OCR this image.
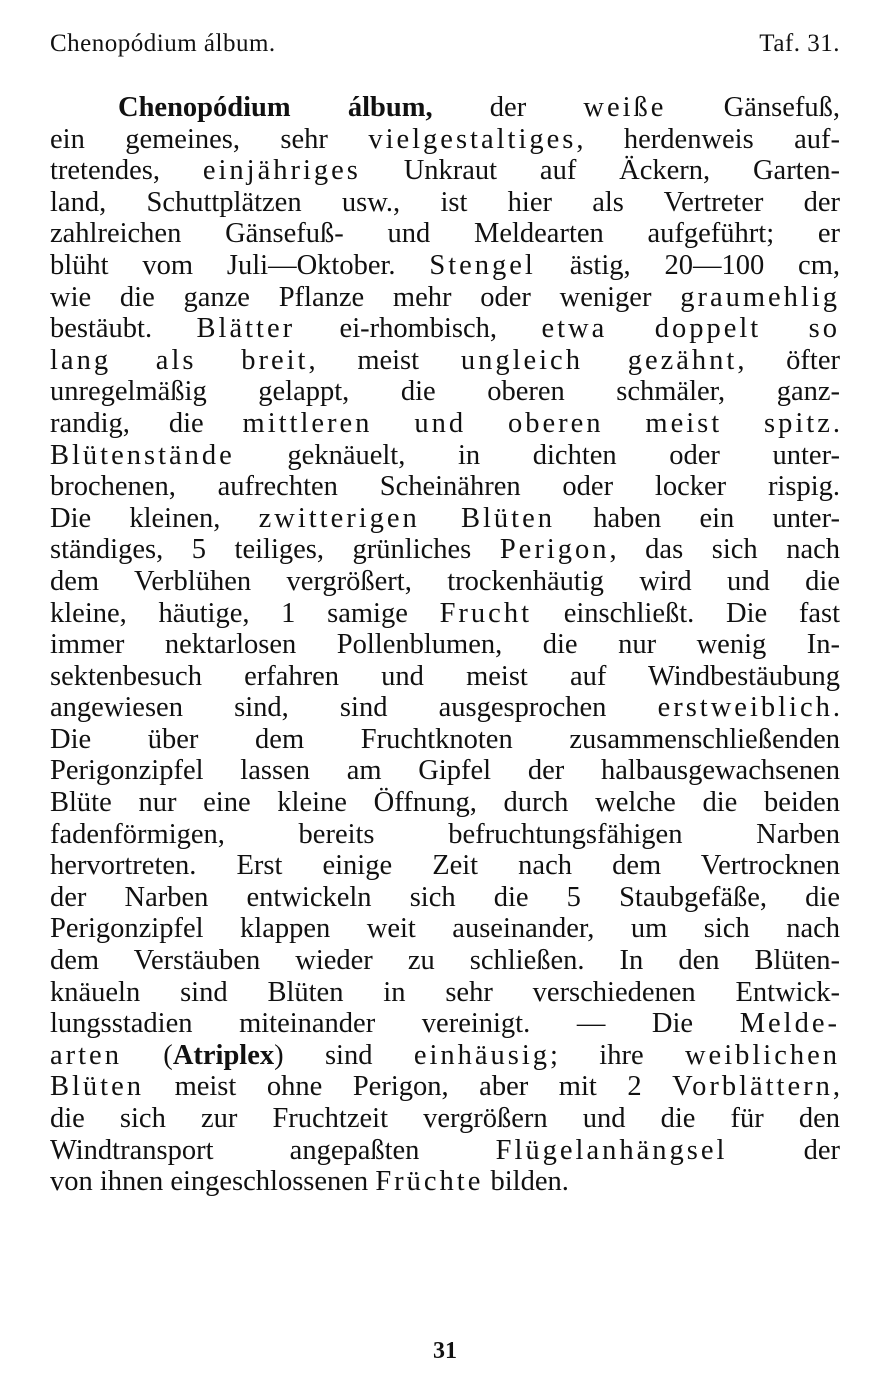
Chenopódium álbum.	Taf. 31.
Chenopódium álbum, der weiße Gänsefuß,
ein gemeines, sehr vielgestaltiges, herdenweis auf-
tretendes, einjähriges Unkraut auf Äckern, Garten-
land, Schuttplätzen usw., ist hier als Vertreter der
zahlreichen Gänsefuß- und Meldearten aufgeführt; er
blüht vom Juli—Oktober. Stengel ästig, 20—100 cm,
wie die ganze Pflanze mehr oder weniger graumehlig
bestäubt. Blätter ei-rhombisch, etwa doppelt so
lang als breit, meist ungleich gezähnt, öfter
unregelmäßig gelappt, die oberen schmäler, ganz-
randig, die mittleren und oberen meist spitz.
Blütenstände geknäuelt, in dichten oder unter-
brochenen, aufrechten Scheinähren oder locker rispig.
Die kleinen, zwitterigen Blüten haben ein unter-
ständiges, 5 teiliges, grünliches Perigon, das sich nach
dem Verblühen vergrößert, trockenhäutig wird und die
kleine, häutige, 1 samige Frucht einschließt. Die fast
immer nektarlosen Pollenblumen, die nur wenig In-
sektenbesuch erfahren und meist auf Windbestäubung
angewiesen sind, sind ausgesprochen erstweiblich.
Die über dem Fruchtknoten zusammenschließenden
Perigonzipfel lassen am Gipfel der halbausgewachsenen
Blüte nur eine kleine Öffnung, durch welche die beiden
fadenförmigen, bereits befruchtungsfähigen Narben
hervortreten. Erst einige Zeit nach dem Vertrocknen
der Narben entwickeln sich die 5 Staubgefäße, die
Perigonzipfel klappen weit auseinander, um sich nach
dem Verstäuben wieder zu schließen. In den Blüten-
knäueln sind Blüten in sehr verschiedenen Entwick-
lungsstadien miteinander vereinigt. — Die Melde-
arten (Atriplex) sind einhäusig; ihre weiblichen
Blüten meist ohne Perigon, aber mit 2 Vorblättern,
die sich zur Fruchtzeit vergrößern und die für den
Windtransport angepaßten Flügelanhängsel der
von ihnen eingeschlossenen Früchte bilden.
31
